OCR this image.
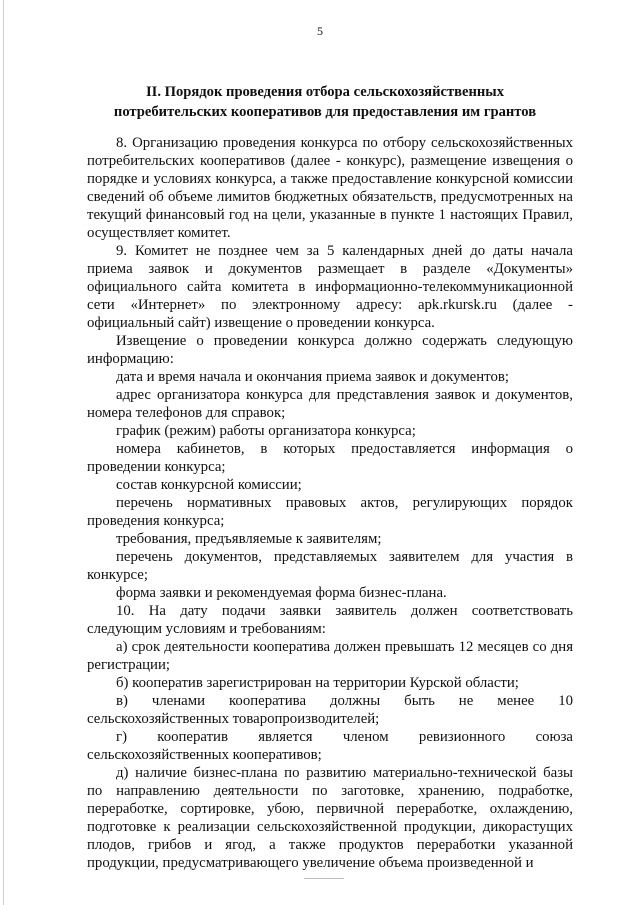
5
II. Порядок проведения отбора сельскохозяйственных
потребительских кооперативов для предоставления им грантов

8. Организацию проведения конкурса по отбору сельскохозяйственных потребительских кооперативов (далее - конкурс), размещение извещения о порядке и условиях конкурса, а также предоставление конкурсной комиссии сведений об объеме лимитов бюджетных обязательств, предусмотренных на текущий финансовый год на цели, указанные в пункте 1 настоящих Правил, осуществляет комитет.

9. Комитет не позднее чем за 5 календарных дней до даты начала приема заявок и документов размещает в разделе «Документы» официального сайта комитета в информационно-телекоммуникационной сети «Интернет» по электронному адресу: apk.rkursk.ru (далее - официальный сайт) извещение о проведении конкурса.

Извещение о проведении конкурса должно содержать следующую информацию:

дата и время начала и окончания приема заявок и документов;

адрес организатора конкурса для представления заявок и документов, номера телефонов для справок;

график (режим) работы организатора конкурса;

номера кабинетов, в которых предоставляется информация о проведении конкурса;

состав конкурсной комиссии;

перечень нормативных правовых актов, регулирующих порядок проведения конкурса;

требования, предъявляемые к заявителям;

перечень документов, представляемых заявителем для участия в конкурсе;

форма заявки и рекомендуемая форма бизнес-плана.

10. На дату подачи заявки заявитель должен соответствовать следующим условиям и требованиям:

а) срок деятельности кооператива должен превышать 12 месяцев со дня регистрации;

б) кооператив зарегистрирован на территории Курской области;

в) членами кооператива должны быть не менее 10 сельскохозяйственных товаропроизводителей;

г) кооператив является членом ревизионного союза сельскохозяйственных кооперативов;

д) наличие бизнес-плана по развитию материально-технической базы по направлению деятельности по заготовке, хранению, подработке, переработке, сортировке, убою, первичной переработке, охлаждению, подготовке к реализации сельскохозяйственной продукции, дикорастущих плодов, грибов и ягод, а также продуктов переработки указанной продукции, предусматривающего увеличение объема произведенной и
